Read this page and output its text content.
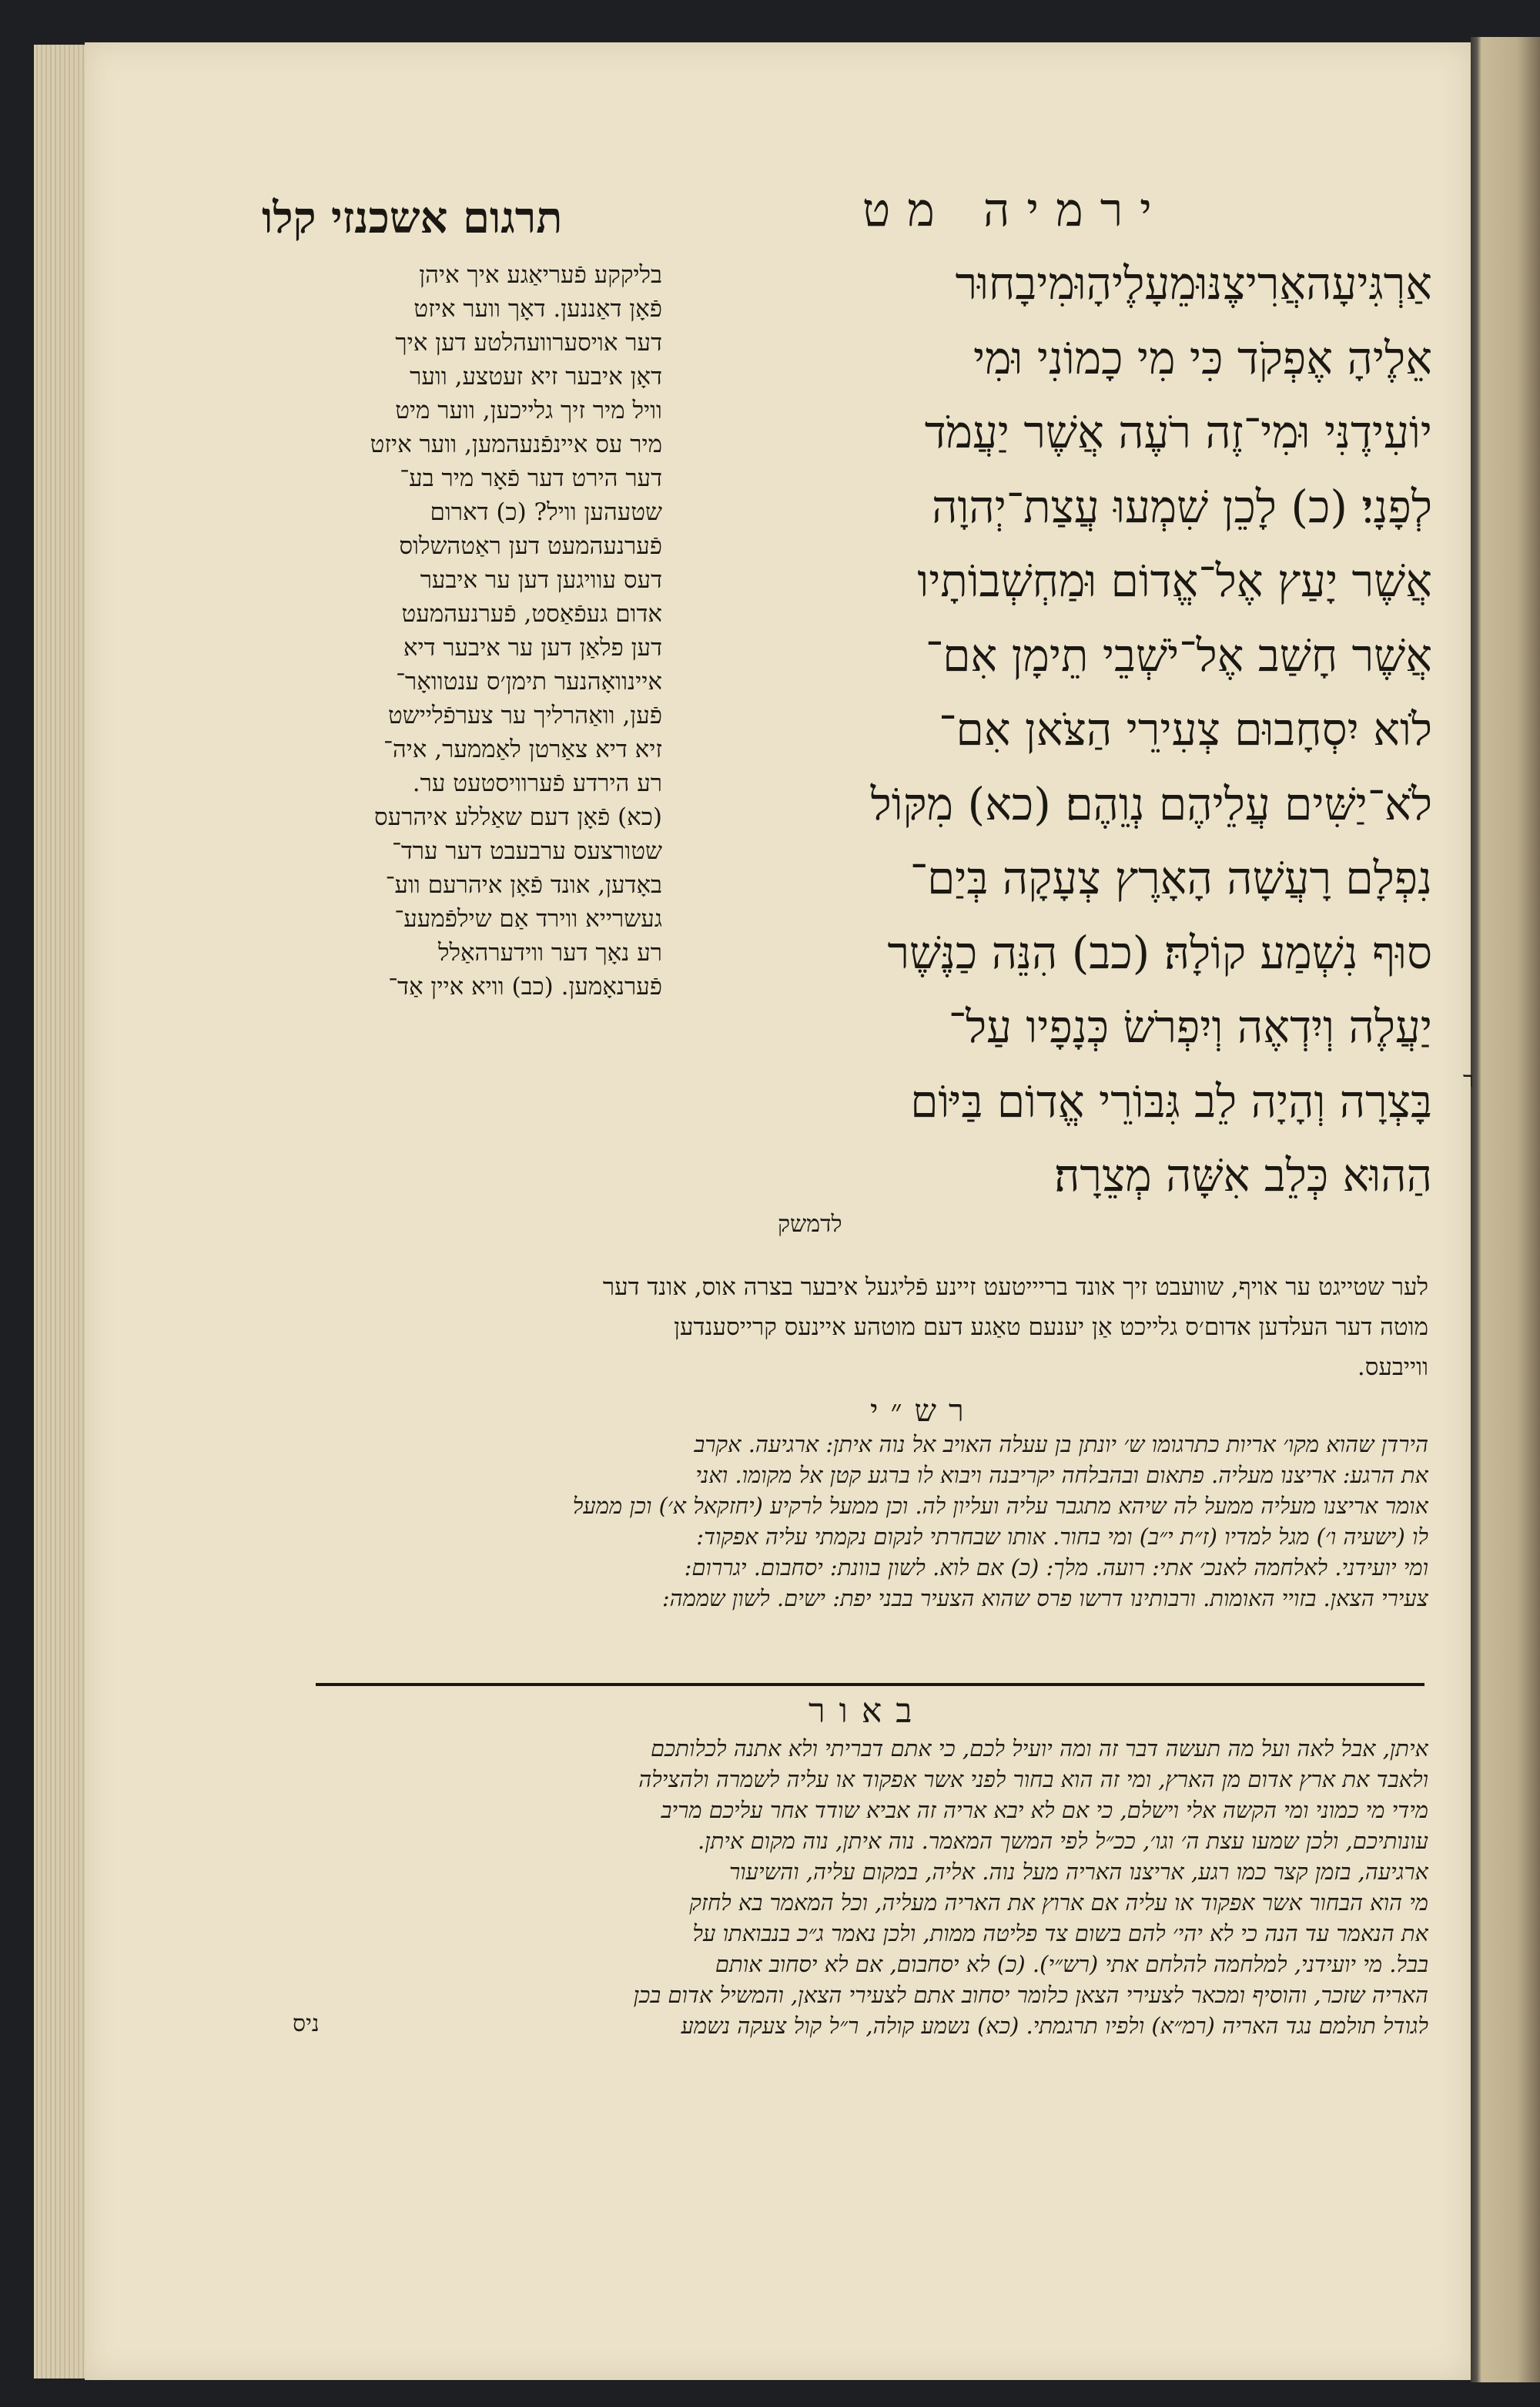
תרגום אשכנזי קלו	ירמיה מט

אַרְגִּיעָהאֲרִיצֶנּוּמֵעָלֶיהָוּמִיבָחוּר

אֵלֶיהָ אֶפְקֹד כִּי מִי כָמוֹנִי וּמִי

יוֹעִידֶנִּי וּמִי־זֶה רֹעֶה אֲשֶׁר יַעֲמֹד

לְפָנָי׃ (כ) לָכֵן שִׁמְעוּ עֲצַת־יְהוָה

אֲשֶׁר יָעַץ אֶל־אֱדוֹם וּמַחְשְׁבוֹתָיו

אֲשֶׁר חָשַׁב אֶל־יֹשְׁבֵי תֵימָן אִם־

לֹוא יִסְחָבוּם צְעִירֵי הַצֹּאן אִם־

לֹא־יַשִּׁים עֲלֵיהֶם נְוֵהֶם׃ (כא) מִקּוֹל

נִפְלָם רָעֲשָׁה הָאָרֶץ צְעָקָה בְּיַם־

סוּף נִשְׁמַע קוֹלָהּ׃ (כב) הִנֵּה כַנֶּשֶׁר

יַעֲלֶה וְיִדְאֶה וְיִפְרֹשׂ כְּנָפָיו עַל־

בָּצְרָה וְהָיָה לֵב גִּבּוֹרֵי אֱדוֹם בַּיּוֹם

הַהוּא כְּלֵב אִשָּׁה מְצֵרָה׃

לדמשק
ר

בליקקע פֿעריאַגע איך איהן

פֿאָן דאַננען. דאָך ווער איזט

דער אויסערוועהלטע דען איך

דאָן איבער זיא זעטצע, ווער

וויל מיר זיך גלייכען, ווער מיט

מיר עס איינפֿנעהמען, ווער איזט

דער הירט דער פֿאָר מיר בע־

שטעהען וויל? (כ) דארום

פֿערנעהמעט דען ראַטהשלוס

דעס עוויגען דען ער איבער

אדום געפֿאַסט, פֿערנעהמעט

דען פלאַן דען ער איבער דיא

איינוואָהנער תימן׳ס ענטוואָר־

פֿען, וואַהרליך ער צערפֿליישט

זיא דיא צאַרטן לאַממער, איה־

רע הירדע פֿערוויסטעט ער.

(כא) פֿאָן דעם שאַללע איהרעס

שטורצעס ערבעבט דער ערד־

באָדען, אונד פֿאָן איהרעם ווע־

געשרייא ווירד אַם שילפֿמעע־

רע נאָך דער ווידערהאַלל

פֿערנאָמען. (כב) וויא איין אַד־

לער שטייגט ער אויף, שוועבט זיך אונד בריייטעט זיינע פֿליגעל איבער בצרה אוס, אונד דער

מוטה דער העלדען אדום׳ס גלייכט אַן יענעם טאַגע דעם מוטהע איינעס קרייסענדען

ווייבעס.

רש״י

הירדן שהוא מקו׳ אריות כתרגומו ש׳ יונתן בן עעלה האויב אל נוה איתן: ארגיעה. אקרב

את הרגע: אריצנו מעליה. פתאום ובהבלחה יקריבנה ויבוא לו ברגע קטן אל מקומו. ואני

אומר אריצנו מעליה ממעל לה שיהא מתגבר עליה ועליון לה. וכן ממעל לרקיע (יחזקאל א׳) וכן ממעל

לו (ישעיה ו׳) מגל למדיו (ז״ת י״ב) ומי בחור. אותו שבחרתי לנקום נקמתי עליה אפקוד:

ומי יועידני. לאלחמה לאנכ׳ אתי: רועה. מלך: (כ) אם לוא. לשון בוונת: יסחבום. יגררום:

צעירי הצאן. בזויי האומות. ורבותינו דרשו פרס שהוא הצעיר בבני יפת: ישים. לשון שממה:

באור

איתן, אבל לאה ועל מה תעשה דבר זה ומה יועיל לכם, כי אתם דבריתי ולא אתנה לכלותכם

ולאבד את ארץ אדום מן הארץ, ומי זה הוא בחור לפני אשר אפקוד או עליה לשמרה ולהצילה

מידי מי כמוני ומי הקשה אלי וישלם, כי אם לא יבא אריה זה אביא שודד אחר עליכם מריב

עונותיכם, ולכן שמעו עצת ה׳ וגו׳, ככ״ל לפי המשך המאמר. נוה איתן, נוה מקום איתן.

ארגיעה, בזמן קצר כמו רגע, אריצנו האריה מעל נוה. אליה, במקום עליה, והשיעור

מי הוא הבחור אשר אפקוד או עליה אם ארוץ את האריה מעליה, וכל המאמר בא לחזק

את הנאמר עד הנה כי לא יהי׳ להם בשום צד פליטה ממות, ולכן נאמר ג״כ בנבואתו על

בבל. מי יועידני, למלחמה להלחם אתי (רש״י). (כ) לא יסחבום, אם לא יסחוב אותם

האריה שזכר, והוסיף ומכאר לצעירי הצאן כלומר יסחוב אתם לצעירי הצאן, והמשיל אדום בכן

לגודל תולמם נגד האריה (רמ״א) ולפיו תרגמתי. (כא) נשמע קולה, ר״ל קול צעקה נשמע

ניס
